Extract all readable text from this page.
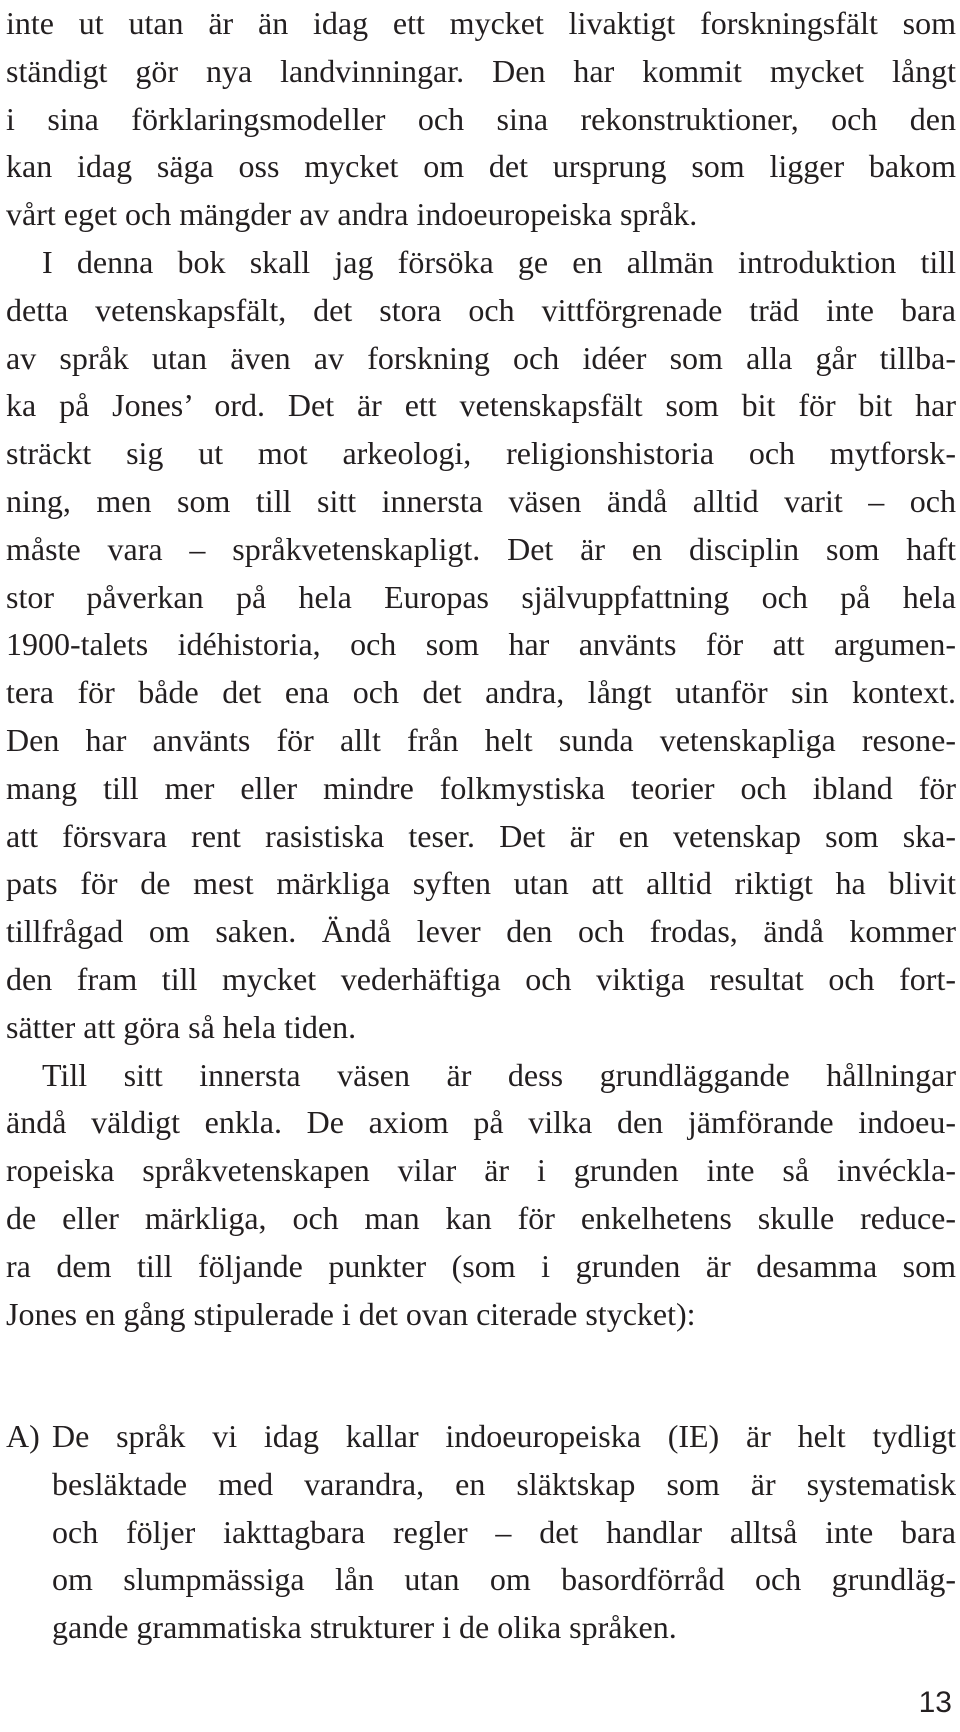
inte ut utan är än idag ett mycket livaktigt forskningsfält som
ständigt gör nya landvinningar. Den har kommit mycket långt
i sina förklaringsmodeller och sina rekonstruktioner, och den
kan idag säga oss mycket om det ursprung som ligger bakom
vårt eget och mängder av andra indoeuropeiska språk.
I denna bok skall jag försöka ge en allmän introduktion till
detta vetenskapsfält, det stora och vittförgrenade träd inte bara
av språk utan även av forskning och idéer som alla går tillba-
ka på Jones’ ord. Det är ett vetenskapsfält som bit för bit har
sträckt sig ut mot arkeologi, religionshistoria och mytforsk-
ning, men som till sitt innersta väsen ändå alltid varit – och
måste vara – språkvetenskapligt. Det är en disciplin som haft
stor påverkan på hela Europas självuppfattning och på hela
1900-talets idéhistoria, och som har använts för att argumen-
tera för både det ena och det andra, långt utanför sin kontext.
Den har använts för allt från helt sunda vetenskapliga resone-
mang till mer eller mindre folkmystiska teorier och ibland för
att försvara rent rasistiska teser. Det är en vetenskap som ska-
pats för de mest märkliga syften utan att alltid riktigt ha blivit
tillfrågad om saken. Ändå lever den och frodas, ändå kommer
den fram till mycket vederhäftiga och viktiga resultat och fort-
sätter att göra så hela tiden.
Till sitt innersta väsen är dess grundläggande hållningar
ändå väldigt enkla. De axiom på vilka den jämförande indoeu-
ropeiska språkvetenskapen vilar är i grunden inte så invéckla-
de eller märkliga, och man kan för enkelhetens skulle reduce-
ra dem till följande punkter (som i grunden är desamma som
Jones en gång stipulerade i det ovan citerade stycket):
A) De språk vi idag kallar indoeuropeiska (IE) är helt tydligt
besläktade med varandra, en släktskap som är systematisk
och följer iakttagbara regler – det handlar alltså inte bara
om slumpmässiga lån utan om basordförråd och grundläg-
gande grammatiska strukturer i de olika språken.
13
